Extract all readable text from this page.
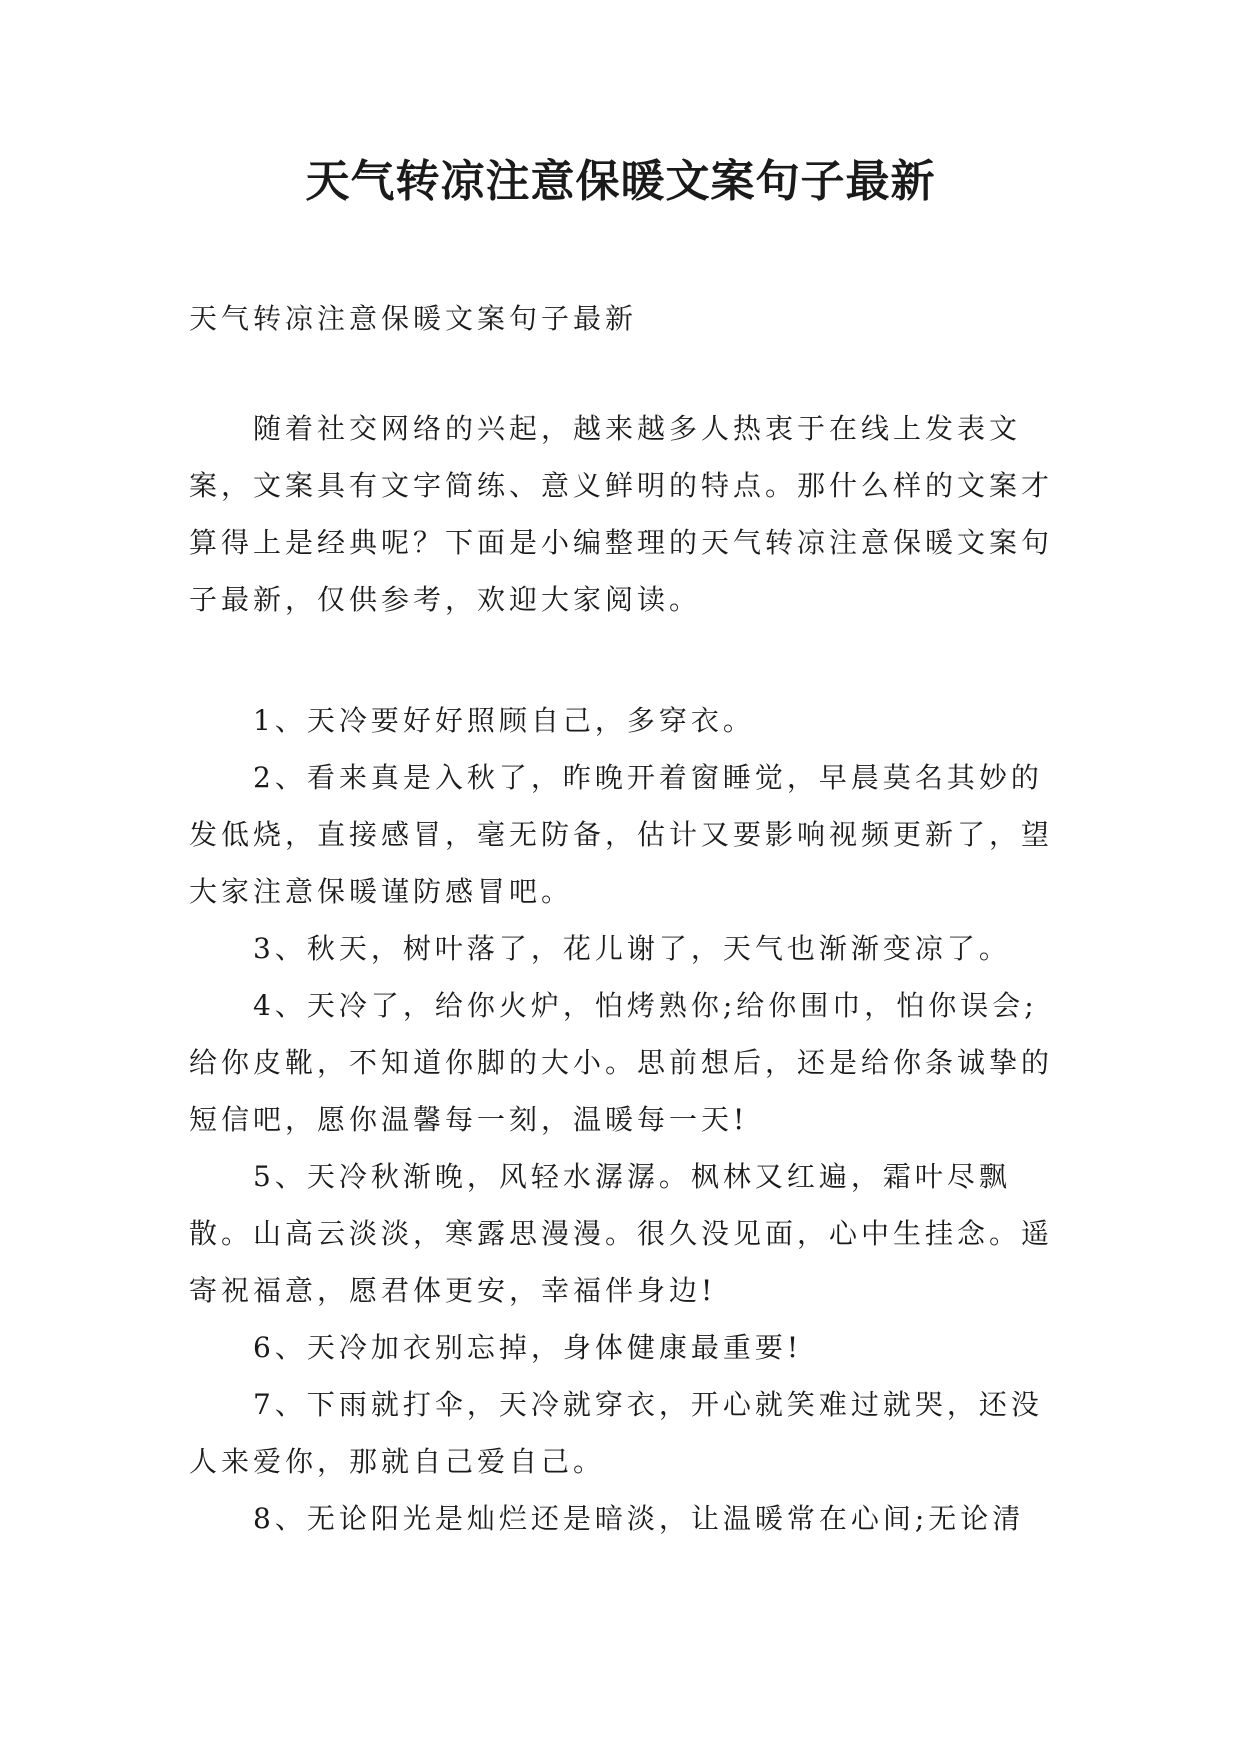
天气转凉注意保暖文案句子最新

天气转凉注意保暖文案句子最新

随着社交网络的兴起，越来越多人热衷于在线上发表文案，文案具有文字简练、意义鲜明的特点。那什么样的文案才算得上是经典呢？下面是小编整理的天气转凉注意保暖文案句子最新，仅供参考，欢迎大家阅读。

1、天冷要好好照顾自己，多穿衣。

2、看来真是入秋了，昨晚开着窗睡觉，早晨莫名其妙的发低烧，直接感冒，毫无防备，估计又要影响视频更新了，望大家注意保暖谨防感冒吧。

3、秋天，树叶落了，花儿谢了，天气也渐渐变凉了。

4、天冷了，给你火炉，怕烤熟你;给你围巾，怕你误会;给你皮靴，不知道你脚的大小。思前想后，还是给你条诚挚的短信吧，愿你温馨每一刻，温暖每一天!

5、天冷秋渐晚，风轻水潺潺。枫林又红遍，霜叶尽飘散。山高云淡淡，寒露思漫漫。很久没见面，心中生挂念。遥寄祝福意，愿君体更安，幸福伴身边!

6、天冷加衣别忘掉，身体健康最重要!

7、下雨就打伞，天冷就穿衣，开心就笑难过就哭，还没人来爱你，那就自己爱自己。

8、无论阳光是灿烂还是暗淡，让温暖常在心间;无论清
